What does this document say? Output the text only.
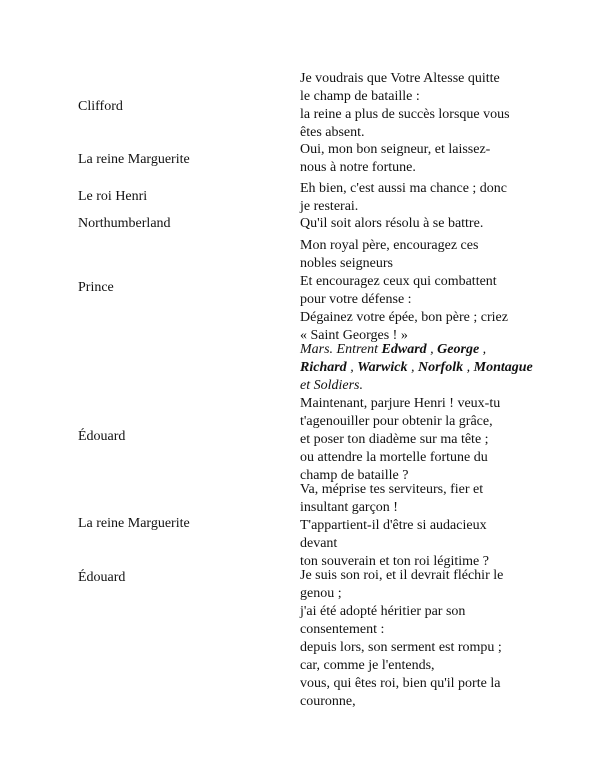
Clifford
Je voudrais que Votre Altesse quitte
le champ de bataille :
la reine a plus de succès lorsque vous
êtes absent.
La reine Marguerite
Oui, mon bon seigneur, et laissez-
nous à notre fortune.
Le roi Henri
Eh bien, c'est aussi ma chance ; donc
je resterai.
Northumberland	Qu'il soit alors résolu à se battre.
Prince
Mon royal père, encouragez ces
nobles seigneurs
Et encouragez ceux qui combattent
pour votre défense :
Dégainez votre épée, bon père ; criez
« Saint Georges ! »
Mars. Entrent Edward , George , Richard , Warwick , Norfolk , Montague et Soldiers.
Édouard
Maintenant, parjure Henri ! veux-tu
t'agenouiller pour obtenir la grâce,
et poser ton diadème sur ma tête ;
ou attendre la mortelle fortune du
champ de bataille ?
La reine Marguerite
Va, méprise tes serviteurs, fier et
insultant garçon !
T'appartient-il d'être si audacieux
devant
ton souverain et ton roi légitime ?
Édouard	Je suis son roi, et il devrait fléchir le
genou ;
j'ai été adopté héritier par son
consentement :
depuis lors, son serment est rompu ;
car, comme je l'entends,
vous, qui êtes roi, bien qu'il porte la
couronne,
